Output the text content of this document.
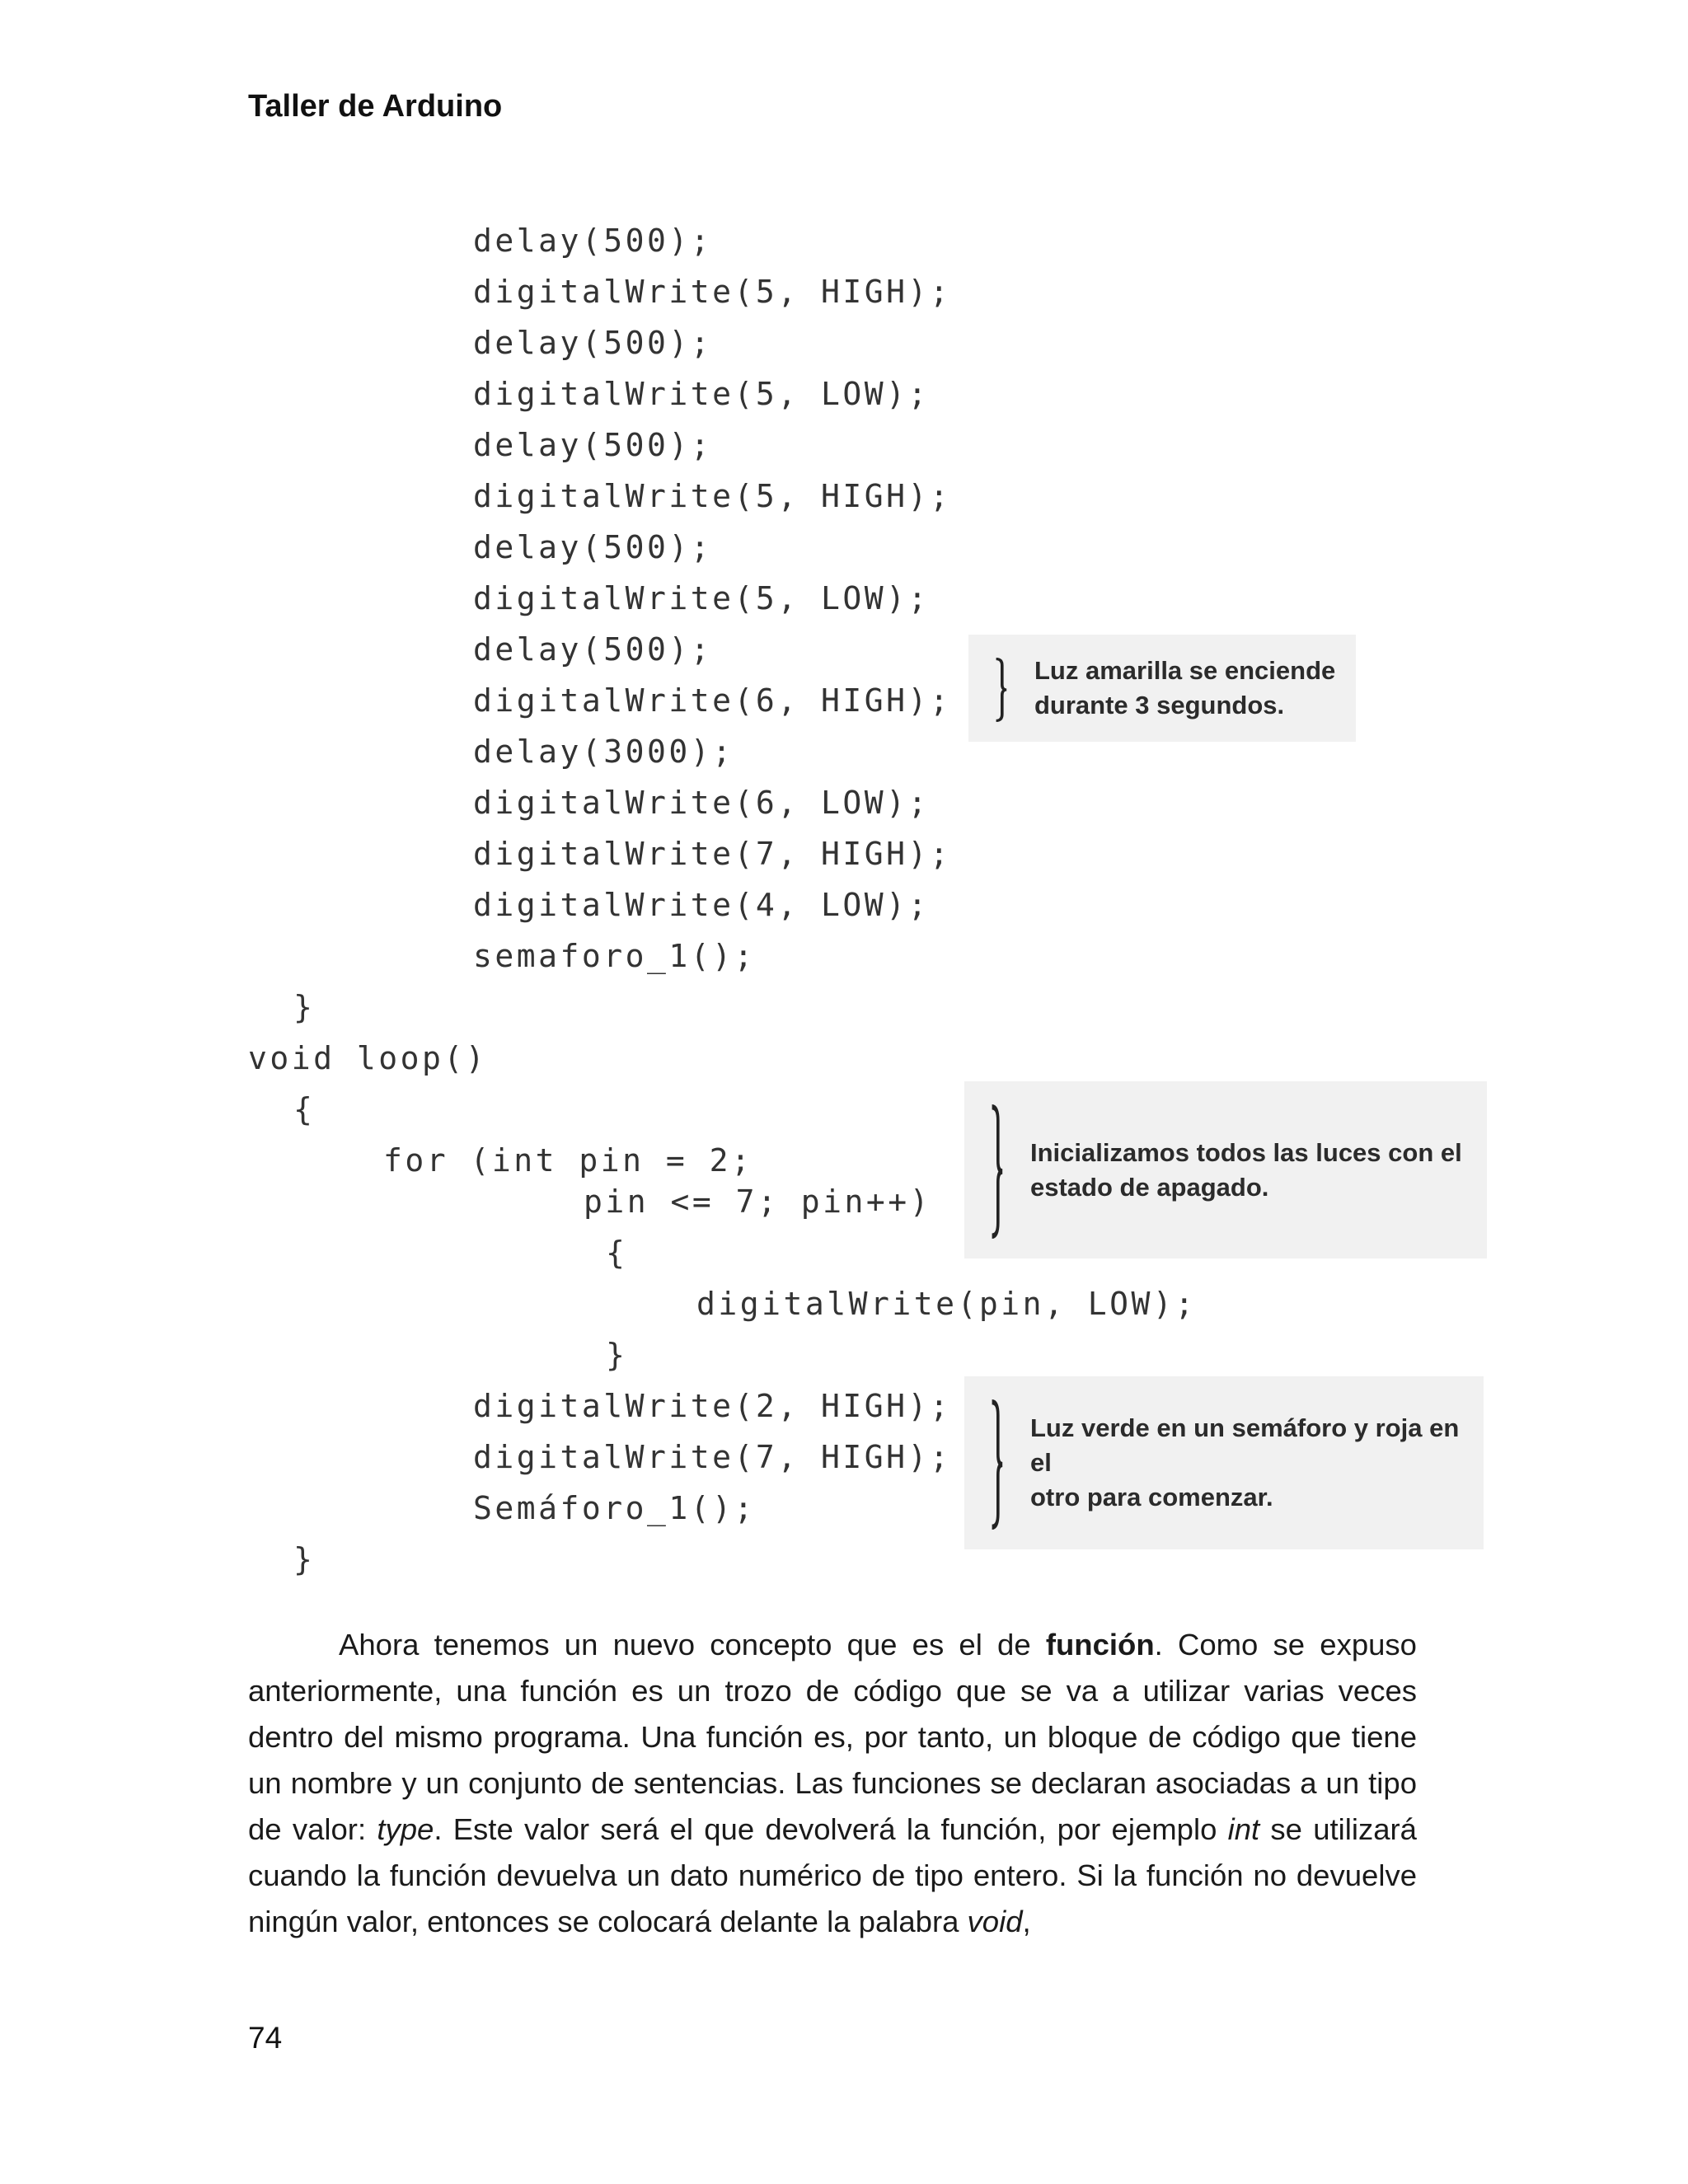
Taller de Arduino
delay(500);
digitalWrite(5, HIGH);
delay(500);
digitalWrite(5, LOW);
delay(500);
digitalWrite(5, HIGH);
delay(500);
digitalWrite(5, LOW);
delay(500);
digitalWrite(6, HIGH);
delay(3000);
digitalWrite(6, LOW);
digitalWrite(7, HIGH);
digitalWrite(4, LOW);
semaforo_1();
}
void loop()
{
for (int pin = 2;
pin <= 7; pin++)
{
digitalWrite(pin, LOW);
}
digitalWrite(2, HIGH);
digitalWrite(7, HIGH);
Semáforo_1();
}
Luz amarilla se enciende
durante 3 segundos.
Inicializamos todos las luces con el
estado de apagado.
Luz verde en un semáforo y roja en el
otro para comenzar.

Ahora tenemos un nuevo concepto que es el de función. Como se expuso anteriormente, una función es un trozo de código que se va a utilizar varias veces dentro del mismo programa. Una función es, por tanto, un bloque de código que tiene un nombre y un conjunto de sentencias. Las funciones se declaran asociadas a un tipo de valor: type. Este valor será el que devolverá la función, por ejemplo int se utilizará cuando la función devuelva un dato numérico de tipo entero. Si la función no devuelve ningún valor, entonces se colocará delante la palabra void,

74
